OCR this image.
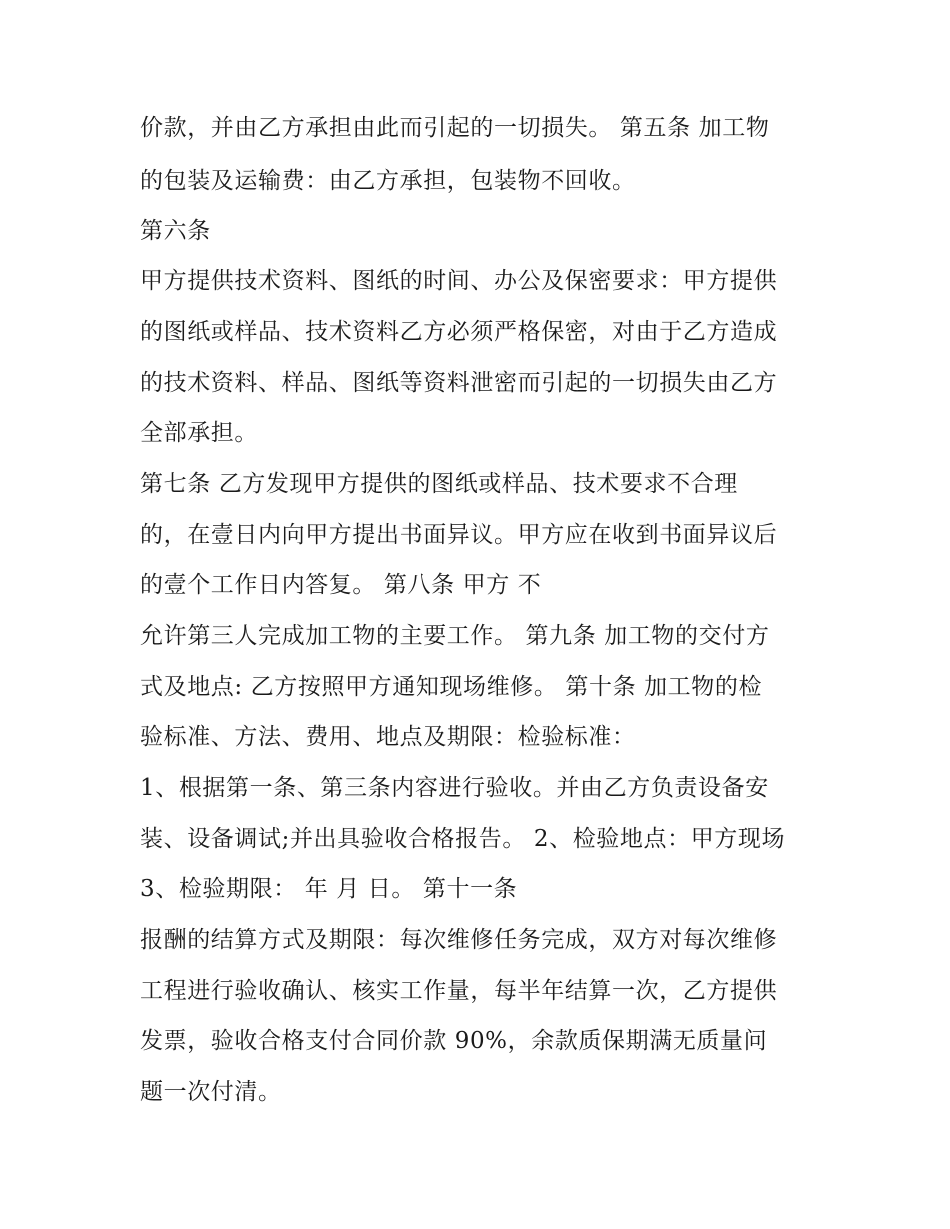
价款，并由乙方承担由此而引起的一切损失。 第五条 加工物
的包装及运输费：由乙方承担，包装物不回收。
第六条
甲方提供技术资料、图纸的时间、办公及保密要求：甲方提供
的图纸或样品、技术资料乙方必须严格保密，对由于乙方造成
的技术资料、样品、图纸等资料泄密而引起的一切损失由乙方
全部承担。
第七条 乙方发现甲方提供的图纸或样品、技术要求不合理
的，在壹日内向甲方提出书面异议。甲方应在收到书面异议后
的壹个工作日内答复。 第八条 甲方 不
允许第三人完成加工物的主要工作。 第九条 加工物的交付方
式及地点: 乙方按照甲方通知现场维修。 第十条 加工物的检
验标准、方法、费用、地点及期限：检验标准：
1、根据第一条、第三条内容进行验收。并由乙方负责设备安
装、设备调试;并出具验收合格报告。 2、检验地点：甲方现场
3、检验期限： 年 月 日。 第十一条
报酬的结算方式及期限：每次维修任务完成，双方对每次维修
工程进行验收确认、核实工作量，每半年结算一次，乙方提供
发票，验收合格支付合同价款 90%，余款质保期满无质量问
题一次付清。
